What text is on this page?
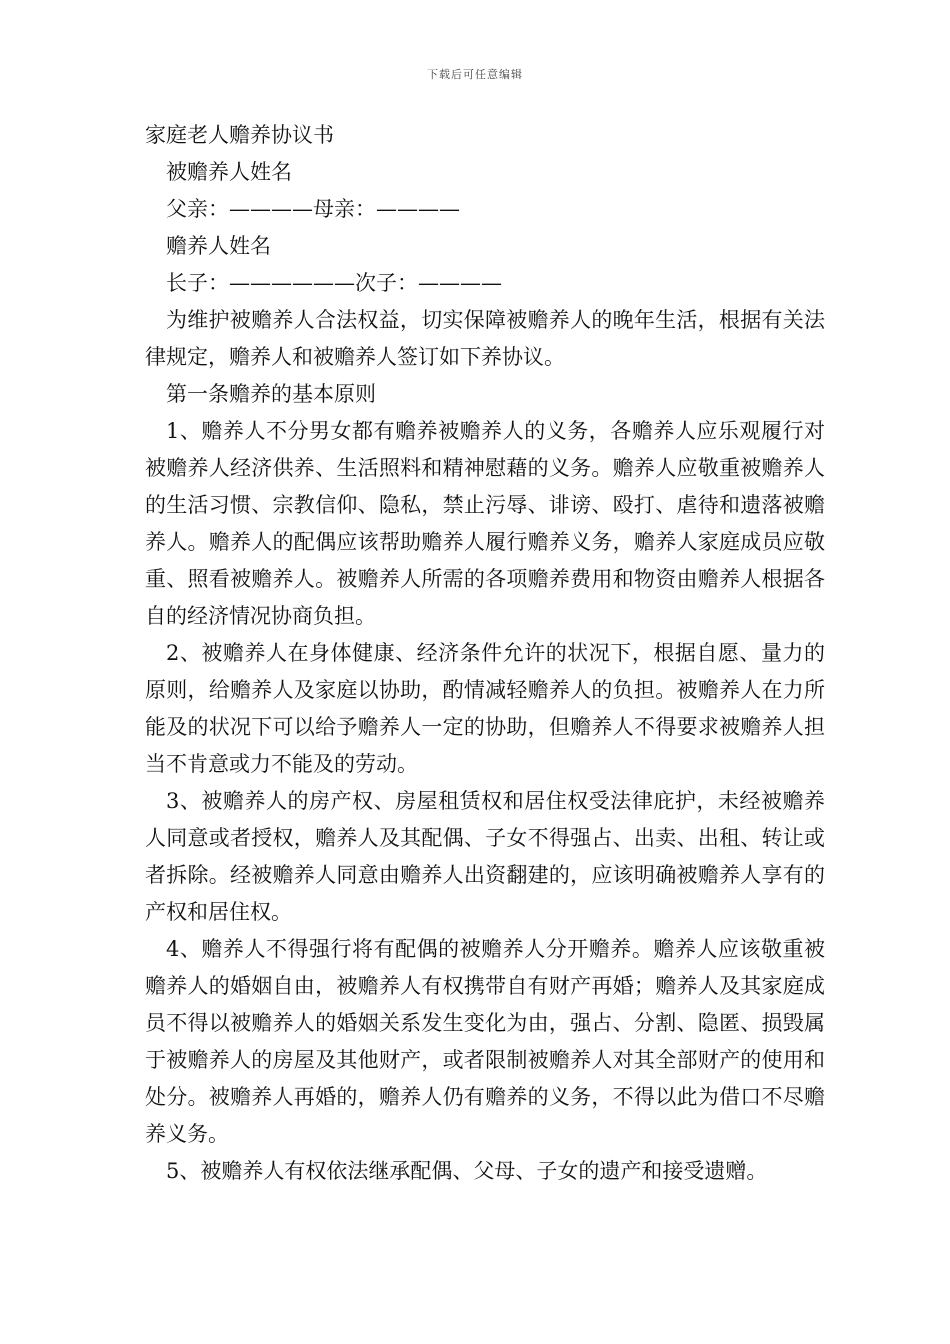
下载后可任意编辑

家庭老人赡养协议书

被赡养人姓名

父亲：————母亲：————

赡养人姓名

长子：——————次子：————

为维护被赡养人合法权益，切实保障被赡养人的晚年生活，根据有关法律规定，赡养人和被赡养人签订如下养协议。

第一条赡养的基本原则

1、赡养人不分男女都有赡养被赡养人的义务，各赡养人应乐观履行对被赡养人经济供养、生活照料和精神慰藉的义务。赡养人应敬重被赡养人的生活习惯、宗教信仰、隐私，禁止污辱、诽谤、殴打、虐待和遗落被赡养人。赡养人的配偶应该帮助赡养人履行赡养义务，赡养人家庭成员应敬重、照看被赡养人。被赡养人所需的各项赡养费用和物资由赡养人根据各自的经济情况协商负担。

2、被赡养人在身体健康、经济条件允许的状况下，根据自愿、量力的原则，给赡养人及家庭以协助，酌情减轻赡养人的负担。被赡养人在力所能及的状况下可以给予赡养人一定的协助，但赡养人不得要求被赡养人担当不肯意或力不能及的劳动。

3、被赡养人的房产权、房屋租赁权和居住权受法律庇护，未经被赡养人同意或者授权，赡养人及其配偶、子女不得强占、出卖、出租、转让或者拆除。经被赡养人同意由赡养人出资翻建的，应该明确被赡养人享有的产权和居住权。

4、赡养人不得强行将有配偶的被赡养人分开赡养。赡养人应该敬重被赡养人的婚姻自由，被赡养人有权携带自有财产再婚；赡养人及其家庭成员不得以被赡养人的婚姻关系发生变化为由，强占、分割、隐匿、损毁属于被赡养人的房屋及其他财产，或者限制被赡养人对其全部财产的使用和处分。被赡养人再婚的，赡养人仍有赡养的义务，不得以此为借口不尽赡养义务。

5、被赡养人有权依法继承配偶、父母、子女的遗产和接受遗赠。
